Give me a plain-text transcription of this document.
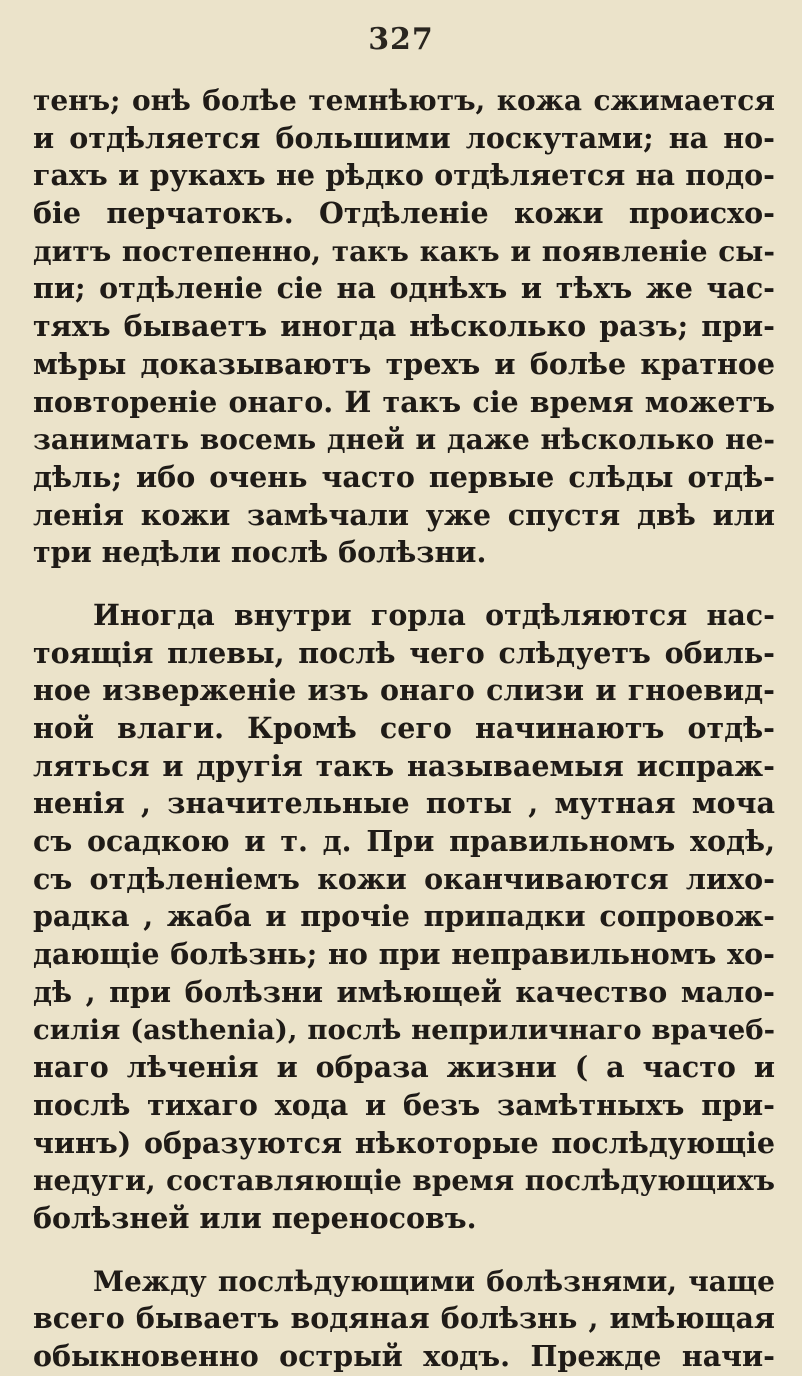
327
тенъ; онѣ болѣе темнѣютъ, кожа сжимается
и отдѣляется большими лоскутами; на но-
гахъ и рукахъ не рѣдко отдѣляется на подо-
біе перчатокъ. Отдѣленіе кожи происхо-
дитъ постепенно, такъ какъ и появленіе сы-
пи; отдѣленіе сіе на однѣхъ и тѣхъ же час-
тяхъ бываетъ иногда нѣсколько разъ; при-
мѣры доказываютъ трехъ и болѣе кратное
повтореніе онаго. И такъ сіе время можетъ
занимать восемь дней и даже нѣсколько не-
дѣль; ибо очень часто первые слѣды отдѣ-
ленія кожи замѣчали уже спустя двѣ или
три недѣли послѣ болѣзни.
Иногда внутри горла отдѣляются нас-
тоящія плевы, послѣ чего слѣдуетъ обиль-
ное изверженіе изъ онаго слизи и гноевид-
ной влаги. Кромѣ сего начинаютъ отдѣ-
ляться и другія такъ называемыя испраж-
ненія , значительные поты , мутная моча
съ осадкою и т. д. При правильномъ ходѣ,
съ отдѣленіемъ кожи оканчиваются лихо-
радка , жаба и прочіе припадки сопровож-
дающіе болѣзнь; но при неправильномъ хо-
дѣ , при болѣзни имѣющей качество мало-
силія (asthenia), послѣ неприличнаго врачеб-
наго лѣченія и образа жизни ( а часто и
послѣ тихаго хода и безъ замѣтныхъ при-
чинъ) образуются нѣкоторые послѣдующіе
недуги, составляющіе время послѣдующихъ
болѣзней или переносовъ.
Между послѣдующими болѣзнями, чаще
всего бываетъ водяная болѣзнь , имѣющая
обыкновенно острый ходъ. Прежде начи-
